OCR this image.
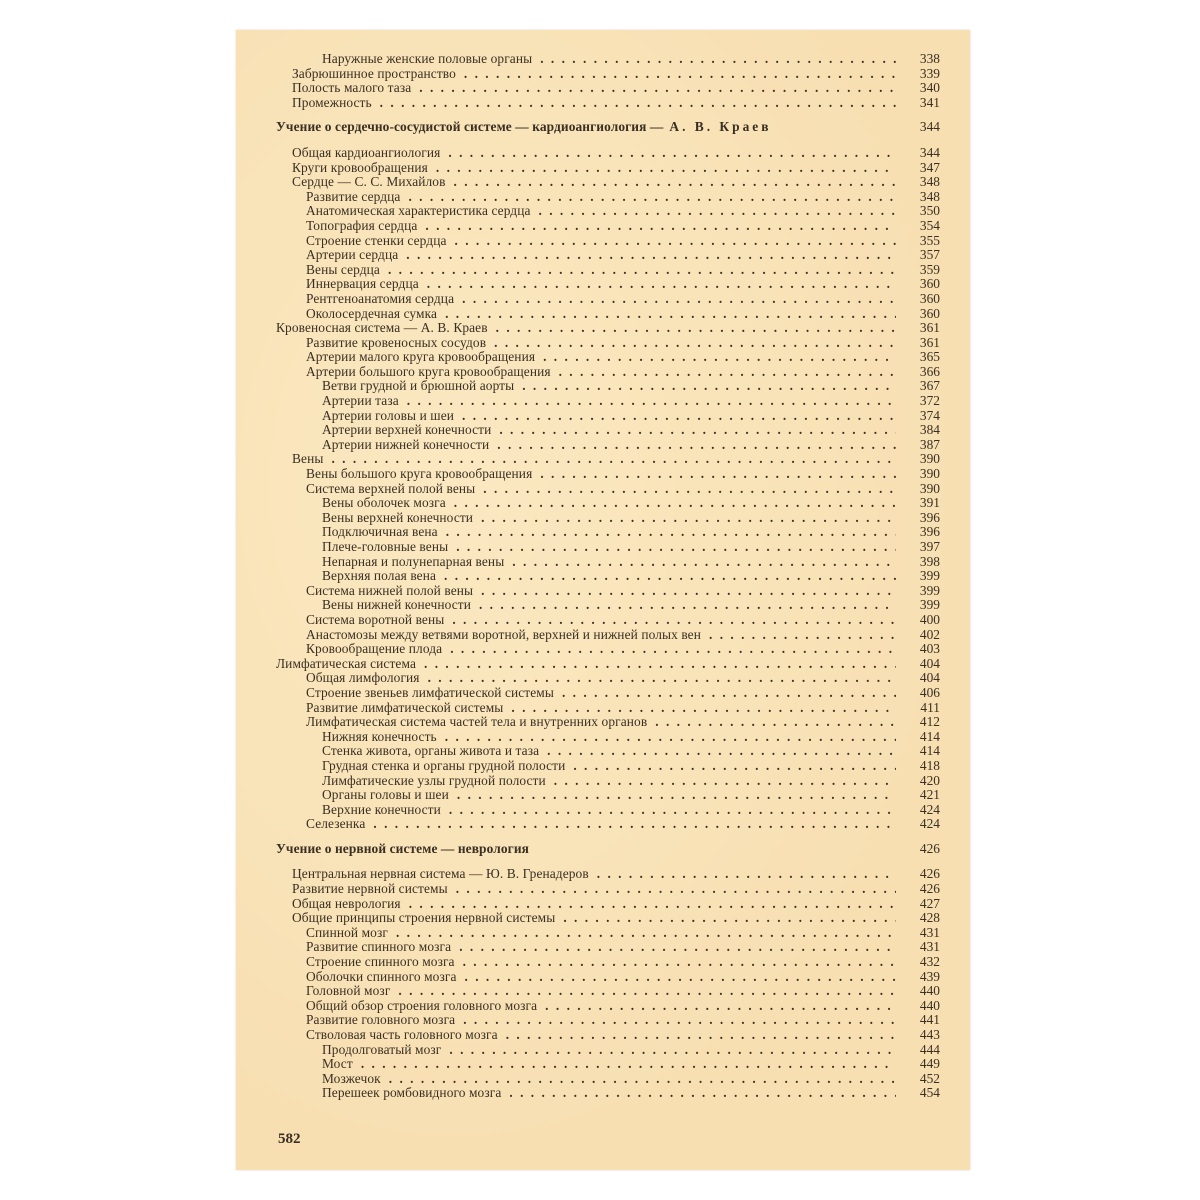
Наружные женские половые органы . .	338
Забрюшинное пространство . .	339
Полость малого таза . .	340
Промежность . .	341
Учение о сердечно-сосудистой системе — кардиоангиология — А. В. Краев	344
Общая кардиоангиология . .	344
Круги кровообращения . .	347
Сердце — С. С. Михайлов . .	348
Развитие сердца . .	348
Анатомическая характеристика сердца . .	350
Топография сердца . .	354
Строение стенки сердца . .	355
Артерии сердца . .	357
Вены сердца . .	359
Иннервация сердца . .	360
Рентгеноанатомия сердца . .	360
Околосердечная сумка . .	360
Кровеносная система — А. В. Краев . .	361
Развитие кровеносных сосудов . .	361
Артерии малого круга кровообращения . .	365
Артерии большого круга кровообращения . .	366
Ветви грудной и брюшной аорты . .	367
Артерии таза . .	372
Артерии головы и шеи . .	374
Артерии верхней конечности . .	384
Артерии нижней конечности . .	387
Вены . .	390
Вены большого круга кровообращения . .	390
Система верхней полой вены . .	390
Вены оболочек мозга . .	391
Вены верхней конечности . .	396
Подключичная вена . .	396
Плече-головные вены . .	397
Непарная и полунепарная вены . .	398
Верхняя полая вена . .	399
Система нижней полой вены . .	399
Вены нижней конечности . .	399
Система воротной вены . .	400
Анастомозы между ветвями воротной, верхней и нижней полых вен . .	402
Кровообращение плода . .	403
Лимфатическая система . .	404
Общая лимфология . .	404
Строение звеньев лимфатической системы . .	406
Развитие лимфатической системы . .	411
Лимфатическая система частей тела и внутренних органов . .	412
Нижняя конечность . .	414
Стенка живота, органы живота и таза . .	414
Грудная стенка и органы грудной полости . .	418
Лимфатические узлы грудной полости . .	420
Органы головы и шеи . .	421
Верхние конечности . .	424
Селезенка . .	424
Учение о нервной системе — неврология	426
Центральная нервная система — Ю. В. Гренадеров . .	426
Развитие нервной системы . .	426
Общая неврология . .	427
Общие принципы строения нервной системы . .	428
Спинной мозг . .	431
Развитие спинного мозга . .	431
Строение спинного мозга . .	432
Оболочки спинного мозга . .	439
Головной мозг . .	440
Общий обзор строения головного мозга . .	440
Развитие головного мозга . .	441
Стволовая часть головного мозга . .	443
Продолговатый мозг . .	444
Мост . .	449
Мозжечок . .	452
Перешеек ромбовидного мозга . .	454
582
